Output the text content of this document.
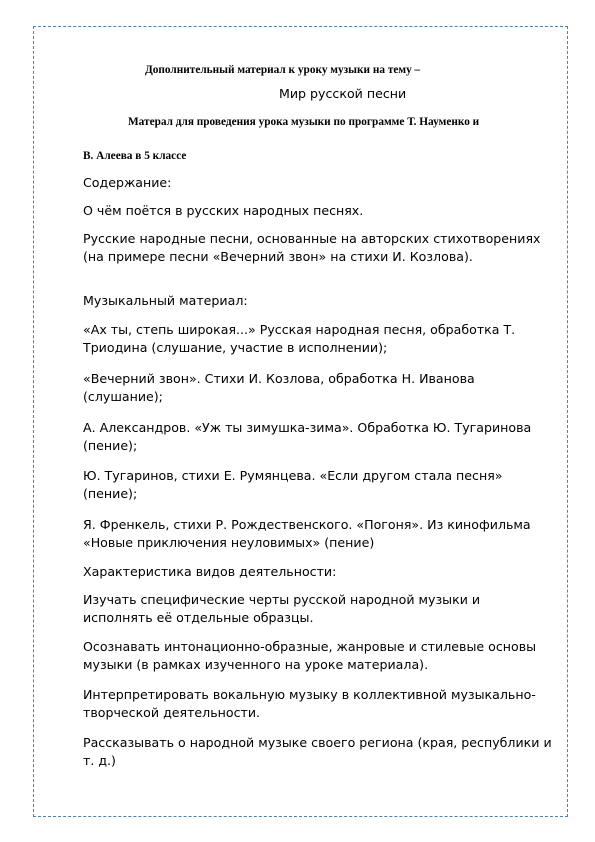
Дополнительный материал к уроку музыки на тему –
Мир русской песни
Матерал для проведения урока музыки по программе Т. Науменко и
В. Алеева в 5 классе
Содержание:
О чём поётся в русских народных песнях.
Русские народные песни, основанные на авторских стихотворениях (на примере песни «Вечерний звон» на стихи И. Козлова).
Музыкальный материал:
«Ах ты, степь широкая...» Русская народная песня, обработка Т. Триодина (слушание, участие в исполнении);
«Вечерний звон». Стихи И. Козлова, обработка Н. Иванова (слушание);
А. Александров. «Уж ты зимушка-зима». Обработка Ю. Тугаринова (пение);
Ю. Тугаринов, стихи Е. Румянцева. «Если другом стала песня» (пение);
Я. Френкель, стихи Р. Рождественского. «Погоня». Из кинофильма «Новые приключения неуловимых» (пение)
Характеристика видов деятельности:
Изучать специфические черты русской народной музыки и исполнять её отдельные образцы.
Осознавать интонационно-образные, жанровые и стилевые основы музыки (в рамках изученного на уроке материала).
Интерпретировать вокальную музыку в коллективной музыкально-творческой деятельности.
Рассказывать о народной музыке своего региона (края, республики и т. д.)
